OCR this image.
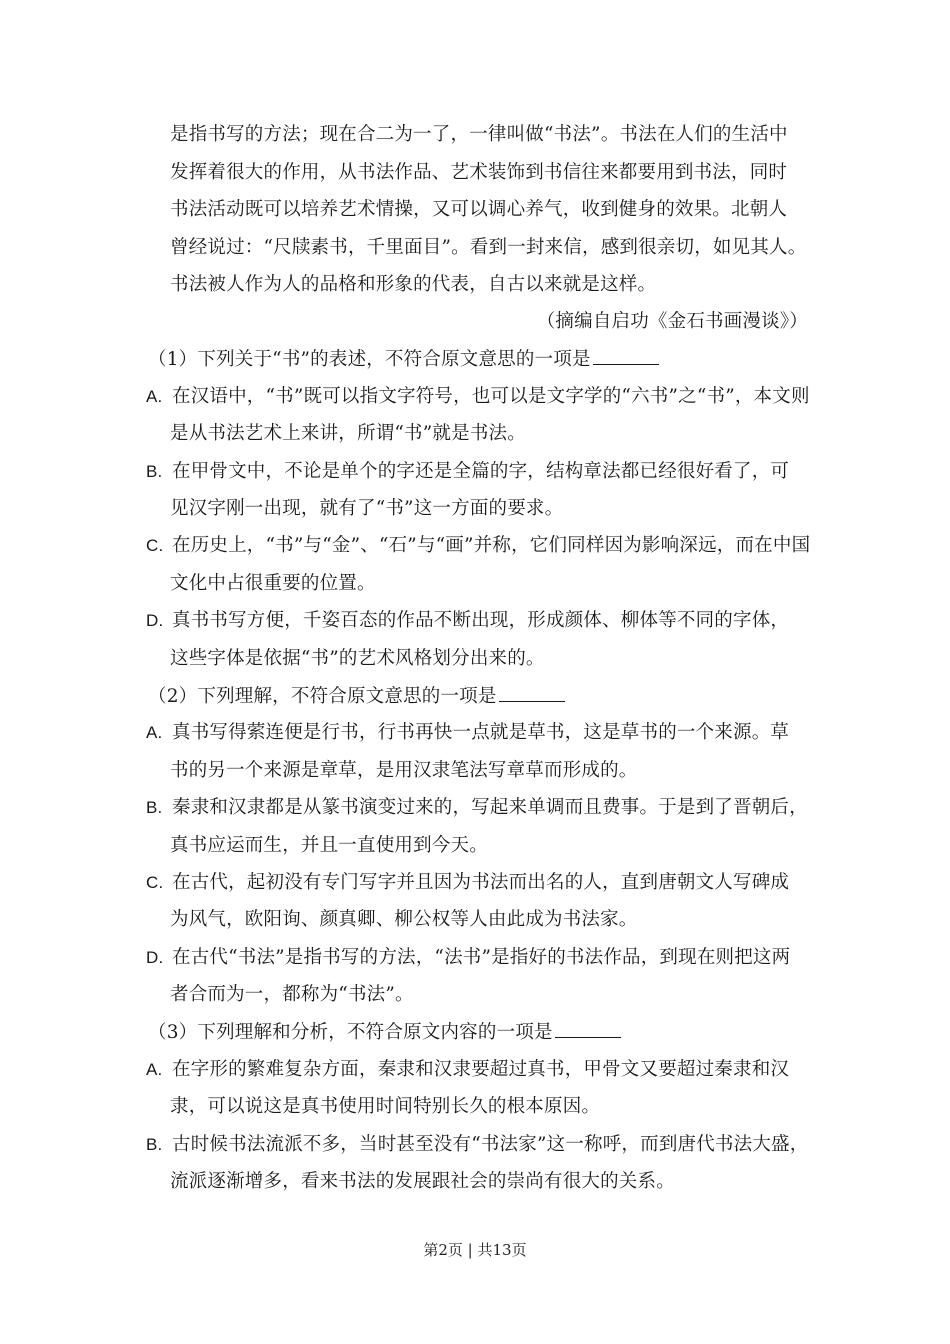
是指书写的方法；现在合二为一了，一律叫做“书法”。书法在人们的生活中
发挥着很大的作用，从书法作品、艺术装饰到书信往来都要用到书法，同时
书法活动既可以培养艺术情操，又可以调心养气，收到健身的效果。北朝人
曾经说过：“尺牍素书，千里面目”。看到一封来信，感到很亲切，如见其人。
书法被人作为人的品格和形象的代表，自古以来就是这样。
（摘编自启功《金石书画漫谈》）
（1）下列关于“书”的表述，不符合原文意思的一项是
A. 在汉语中，“书”既可以指文字符号，也可以是文字学的“六书”之“书”，本文则
是从书法艺术上来讲，所谓“书”就是书法。
B. 在甲骨文中，不论是单个的字还是全篇的字，结构章法都已经很好看了，可
见汉字刚一出现，就有了“书”这一方面的要求。
C. 在历史上，“书”与“金”、“石”与“画”并称，它们同样因为影响深远，而在中国
文化中占很重要的位置。
D. 真书书写方便，千姿百态的作品不断出现，形成颜体、柳体等不同的字体，
这些字体是依据“书”的艺术风格划分出来的。
（2）下列理解，不符合原文意思的一项是
A. 真书写得萦连便是行书，行书再快一点就是草书，这是草书的一个来源。草
书的另一个来源是章草，是用汉隶笔法写章草而形成的。
B. 秦隶和汉隶都是从篆书演变过来的，写起来单调而且费事。于是到了晋朝后，
真书应运而生，并且一直使用到今天。
C. 在古代，起初没有专门写字并且因为书法而出名的人，直到唐朝文人写碑成
为风气，欧阳询、颜真卿、柳公权等人由此成为书法家。
D. 在古代“书法”是指书写的方法，“法书”是指好的书法作品，到现在则把这两
者合而为一，都称为“书法”。
（3）下列理解和分析，不符合原文内容的一项是
A. 在字形的繁难复杂方面，秦隶和汉隶要超过真书，甲骨文又要超过秦隶和汉
隶，可以说这是真书使用时间特别长久的根本原因。
B. 古时候书法流派不多，当时甚至没有“书法家”这一称呼，而到唐代书法大盛，
流派逐渐增多，看来书法的发展跟社会的崇尚有很大的关系。
第2页 | 共13页
